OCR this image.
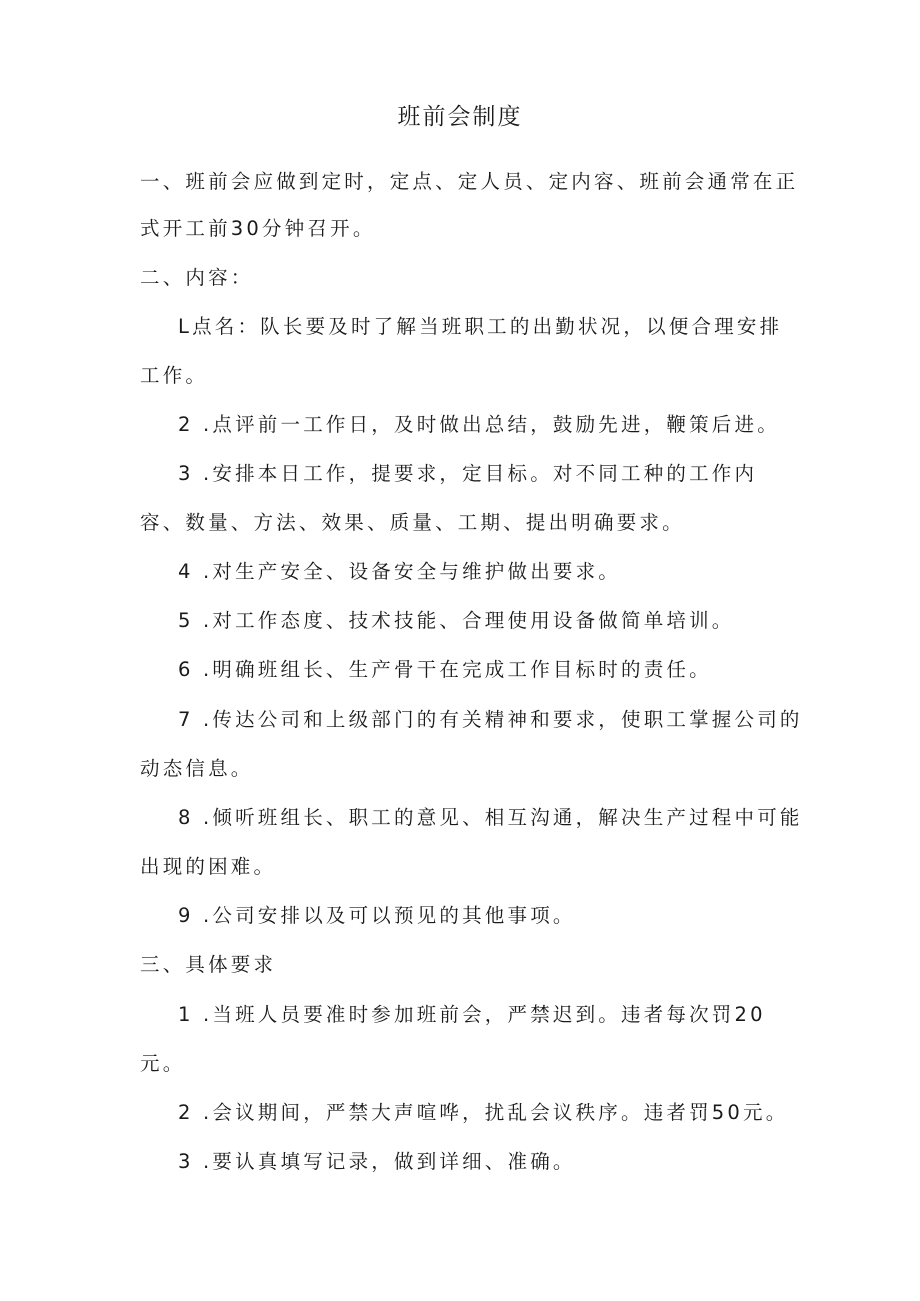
班前会制度
一、班前会应做到定时，定点、定人员、定内容、班前会通常在正
式开工前30分钟召开。
二、内容：
L点名：队长要及时了解当班职工的出勤状况，以便合理安排
工作。
2 .点评前一工作日，及时做出总结，鼓励先进，鞭策后进。
3 .安排本日工作，提要求，定目标。对不同工种的工作内
容、数量、方法、效果、质量、工期、提出明确要求。
4 .对生产安全、设备安全与维护做出要求。
5 .对工作态度、技术技能、合理使用设备做简单培训。
6 .明确班组长、生产骨干在完成工作目标时的责任。
7 .传达公司和上级部门的有关精神和要求，使职工掌握公司的
动态信息。
8 .倾听班组长、职工的意见、相互沟通，解决生产过程中可能
出现的困难。
9 .公司安排以及可以预见的其他事项。
三、具体要求
1 .当班人员要准时参加班前会，严禁迟到。违者每次罚20
元。
2 .会议期间，严禁大声喧哗，扰乱会议秩序。违者罚50元。
3 .要认真填写记录，做到详细、准确。
